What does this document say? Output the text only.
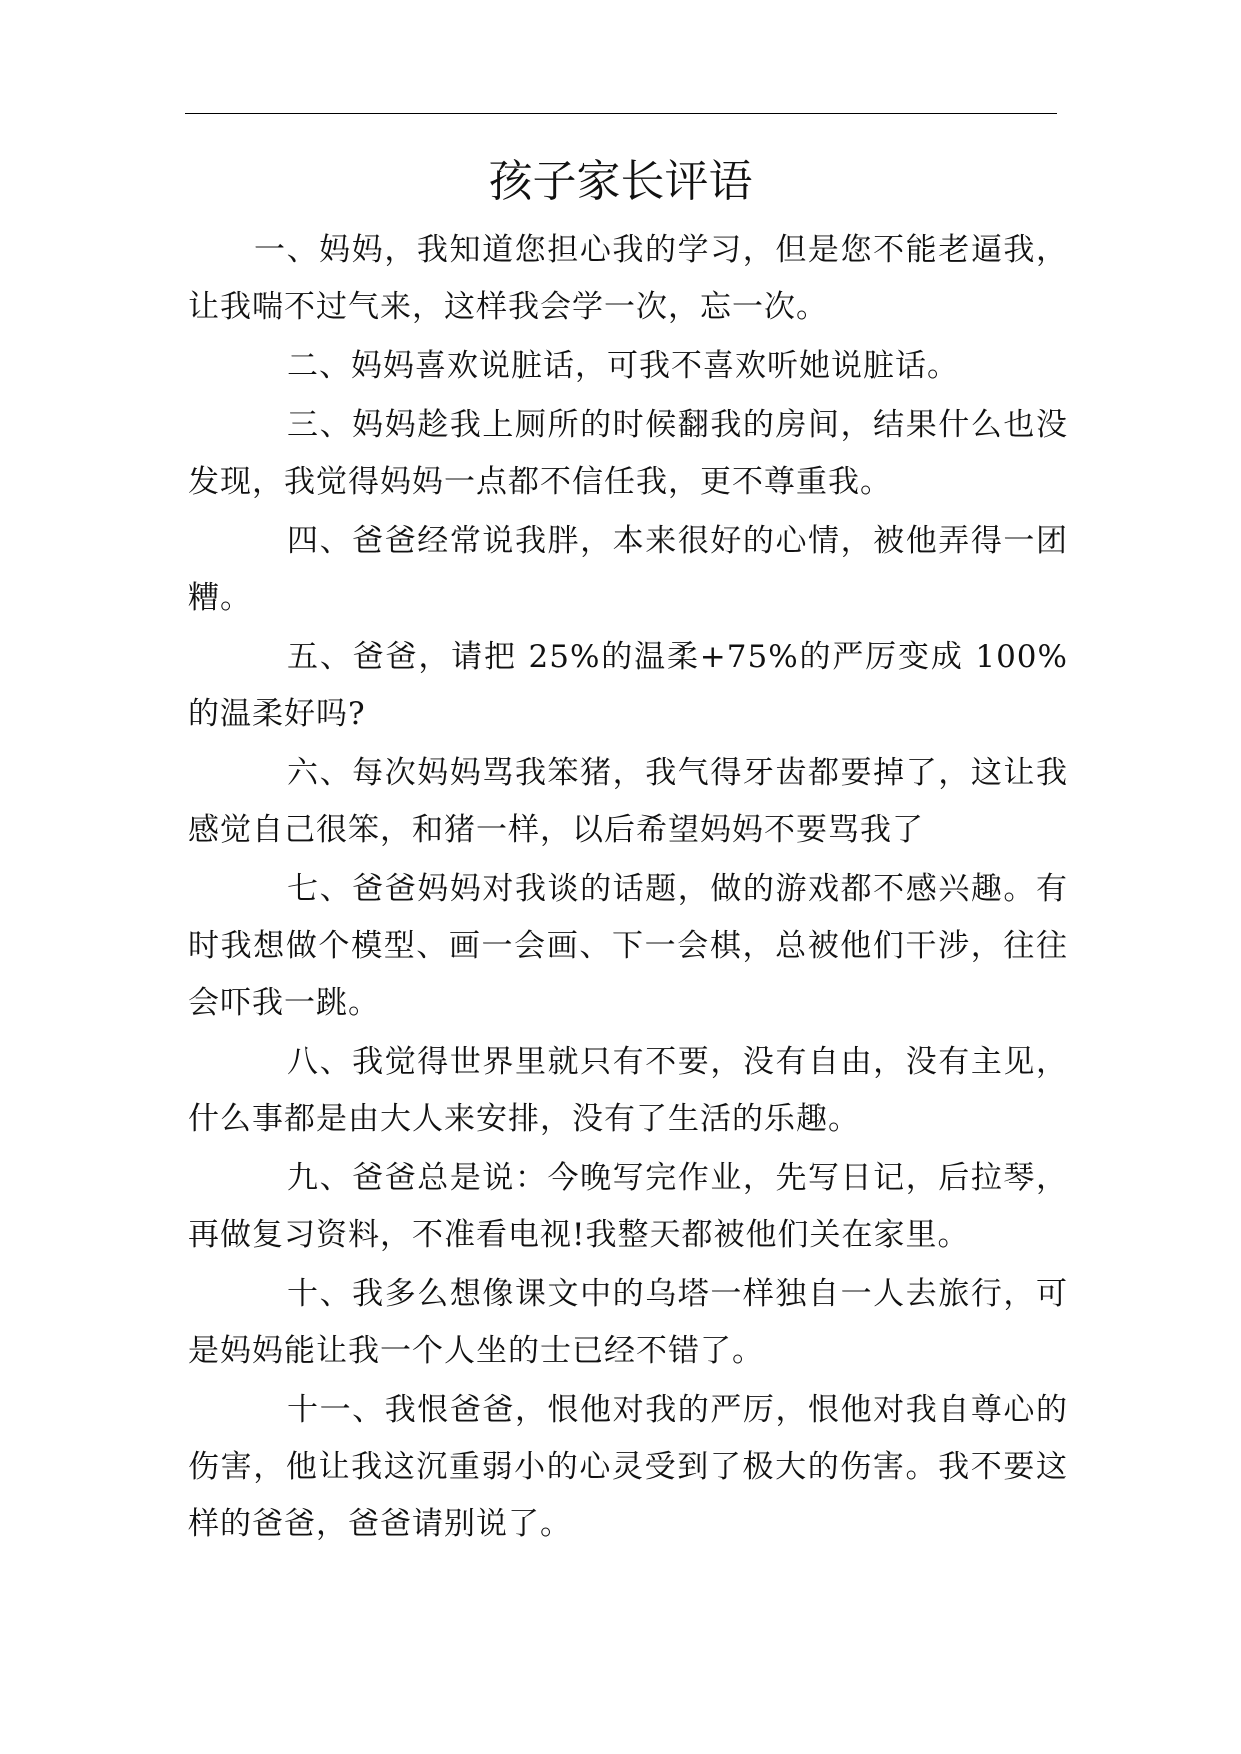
孩子家长评语

一、妈妈，我知道您担心我的学习，但是您不能老逼我，让我喘不过气来，这样我会学一次，忘一次。

二、妈妈喜欢说脏话，可我不喜欢听她说脏话。

三、妈妈趁我上厕所的时候翻我的房间，结果什么也没发现，我觉得妈妈一点都不信任我，更不尊重我。

四、爸爸经常说我胖，本来很好的心情，被他弄得一团糟。

五、爸爸，请把 25%的温柔+75%的严厉变成 100%的温柔好吗?

六、每次妈妈骂我笨猪，我气得牙齿都要掉了，这让我感觉自己很笨，和猪一样，以后希望妈妈不要骂我了

七、爸爸妈妈对我谈的话题，做的游戏都不感兴趣。有时我想做个模型、画一会画、下一会棋，总被他们干涉，往往会吓我一跳。

八、我觉得世界里就只有不要，没有自由，没有主见，什么事都是由大人来安排，没有了生活的乐趣。

九、爸爸总是说：今晚写完作业，先写日记，后拉琴，再做复习资料，不准看电视!我整天都被他们关在家里。

十、我多么想像课文中的乌塔一样独自一人去旅行，可是妈妈能让我一个人坐的士已经不错了。

十一、我恨爸爸，恨他对我的严厉，恨他对我自尊心的伤害，他让我这沉重弱小的心灵受到了极大的伤害。我不要这样的爸爸，爸爸请别说了。
